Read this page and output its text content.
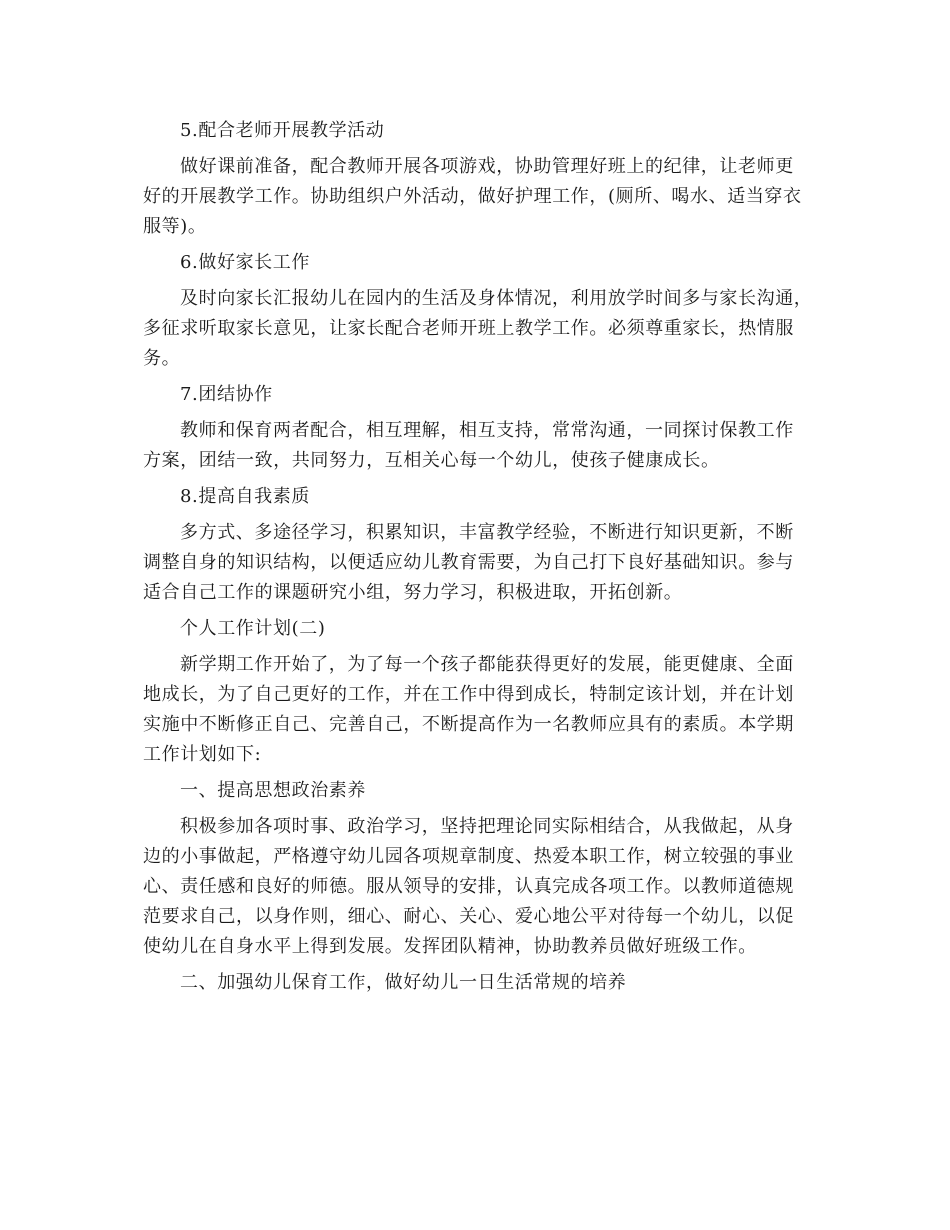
5.配合老师开展教学活动

做好课前准备，配合教师开展各项游戏，协助管理好班上的纪律，让老师更

好的开展教学工作。协助组织户外活动，做好护理工作，(厕所、喝水、适当穿衣

服等)。

6.做好家长工作

及时向家长汇报幼儿在园内的生活及身体情况，利用放学时间多与家长沟通，

多征求听取家长意见，让家长配合老师开班上教学工作。必须尊重家长，热情服

务。

7.团结协作

教师和保育两者配合，相互理解，相互支持，常常沟通，一同探讨保教工作

方案，团结一致，共同努力，互相关心每一个幼儿，使孩子健康成长。

8.提高自我素质

多方式、多途径学习，积累知识，丰富教学经验，不断进行知识更新，不断

调整自身的知识结构，以便适应幼儿教育需要，为自己打下良好基础知识。参与

适合自己工作的课题研究小组，努力学习，积极进取，开拓创新。

个人工作计划(二)

新学期工作开始了，为了每一个孩子都能获得更好的发展，能更健康、全面

地成长，为了自己更好的工作，并在工作中得到成长，特制定该计划，并在计划

实施中不断修正自己、完善自己，不断提高作为一名教师应具有的素质。本学期

工作计划如下:

一、提高思想政治素养

积极参加各项时事、政治学习，坚持把理论同实际相结合，从我做起，从身

边的小事做起，严格遵守幼儿园各项规章制度、热爱本职工作，树立较强的事业

心、责任感和良好的师德。服从领导的安排，认真完成各项工作。以教师道德规

范要求自己，以身作则，细心、耐心、关心、爱心地公平对待每一个幼儿，以促

使幼儿在自身水平上得到发展。发挥团队精神，协助教养员做好班级工作。

二、加强幼儿保育工作，做好幼儿一日生活常规的培养
